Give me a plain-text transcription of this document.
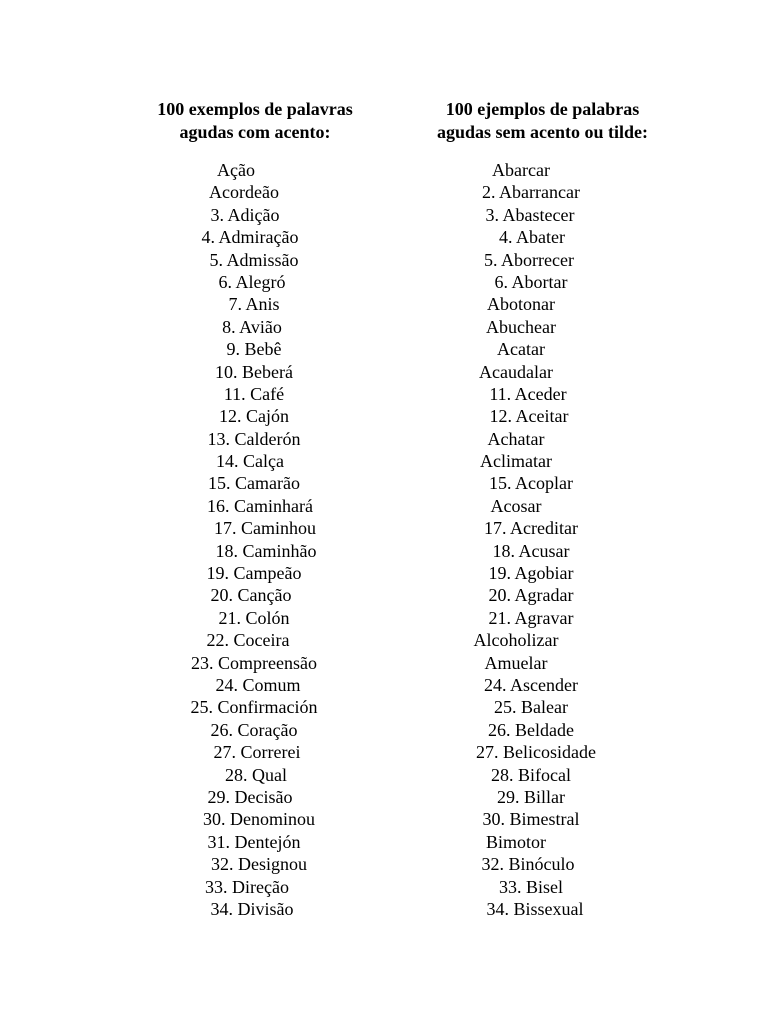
100 exemplos de palavras
agudas com acento:
100 ejemplos de palabras
agudas sem acento ou tilde:
Ação
Acordeão
3. Adição
4. Admiração
5. Admissão
6. Alegró
7. Anis
8. Avião
9. Bebê
10. Beberá
11. Café
12. Cajón
13. Calderón
14. Calça
15. Camarão
16. Caminhará
17. Caminhou
18. Caminhão
19. Campeão
20. Canção
21. Colón
22. Coceira
23. Compreensão
24. Comum
25. Confirmación
26. Coração
27. Correrei
28. Qual
29. Decisão
30. Denominou
31. Dentejón
32. Designou
33. Direção
34. Divisão
Abarcar
2. Abarrancar
3. Abastecer
4. Abater
5. Aborrecer
6. Abortar
Abotonar
Abuchear
Acatar
Acaudalar
11. Aceder
12. Aceitar
Achatar
Aclimatar
15. Acoplar
Acosar
17. Acreditar
18. Acusar
19. Agobiar
20. Agradar
21. Agravar
Alcoholizar
Amuelar
24. Ascender
25. Balear
26. Beldade
27. Belicosidade
28. Bifocal
29. Billar
30. Bimestral
Bimotor
32. Binóculo
33. Bisel
34. Bissexual
